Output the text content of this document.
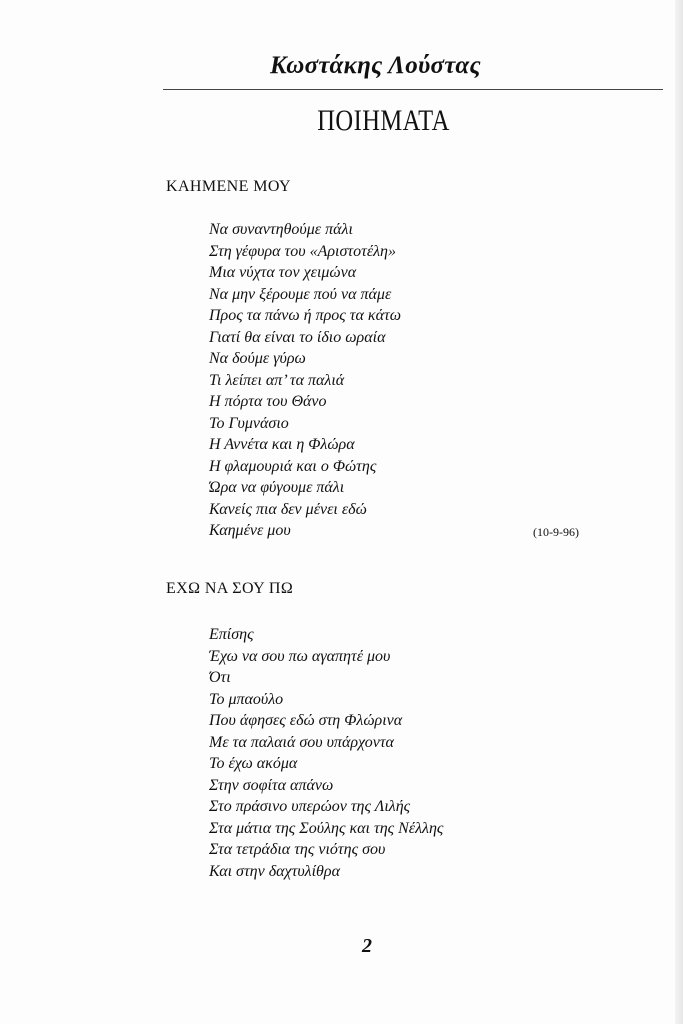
Κωστάκης Λούστας
ΠΟΙΗΜΑΤΑ
ΚΑΗΜΕΝΕ ΜΟΥ
Να συναντηθούμε πάλι
Στη γέφυρα του «Αριστοτέλη»
Μια νύχτα τον χειμώνα
Να μην ξέρουμε πού να πάμε
Προς τα πάνω ή προς τα κάτω
Γιατί θα είναι το ίδιο ωραία
Να δούμε γύρω
Τι λείπει απ’ τα παλιά
Η πόρτα του Θάνο
Το Γυμνάσιο
Η Αννέτα και η Φλώρα
Η φλαμουριά και ο Φώτης
Ώρα να φύγουμε πάλι
Κανείς πια δεν μένει εδώ
Καημένε μου	(10-9-96)
ΕΧΩ ΝΑ ΣΟΥ ΠΩ
Επίσης
Έχω να σου πω αγαπητέ μου
Ότι
Το μπαούλο
Που άφησες εδώ στη Φλώρινα
Με τα παλαιά σου υπάρχοντα
Το έχω ακόμα
Στην σοφίτα απάνω
Στο πράσινο υπερώον της Λιλής
Στα μάτια της Σούλης και της Νέλλης
Στα τετράδια της νιότης σου
Και στην δαχτυλίθρα
2
